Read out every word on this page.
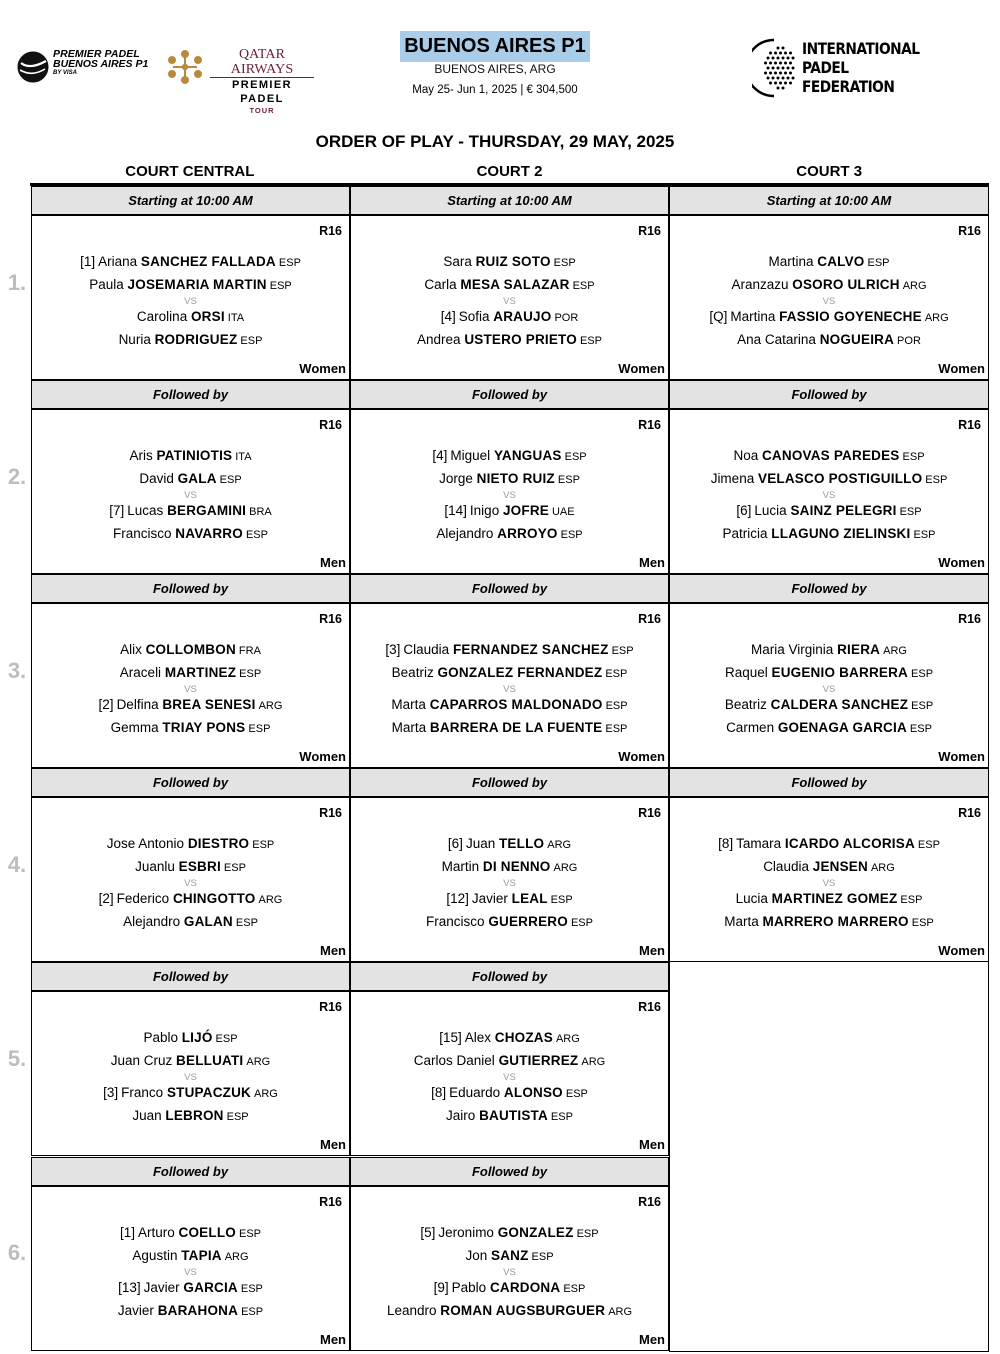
PREMIER PADEL
BUENOS AIRES P1
BY VISA
QATAR AIRWAYS
PREMIER PADEL
TOUR
BUENOS AIRES P1
BUENOS AIRES, ARG
May 25- Jun 1, 2025 | € 304,500
INTERNATIONAL
PADEL
FEDERATION
ORDER OF PLAY - THURSDAY, 29 MAY, 2025
COURT CENTRAL	COURT 2	COURT 3
1.
2.
3.
4.
5.
6.
Starting at 10:00 AM
R16
[1] Ariana SANCHEZ FALLADA ESP
Paula JOSEMARIA MARTIN ESP
VS
Carolina ORSI ITA
Nuria RODRIGUEZ ESP
Women
Starting at 10:00 AM
R16
Sara RUIZ SOTO ESP
Carla MESA SALAZAR ESP
VS
[4] Sofia ARAUJO POR
Andrea USTERO PRIETO ESP
Women
Starting at 10:00 AM
R16
Martina CALVO ESP
Aranzazu OSORO ULRICH ARG
VS
[Q] Martina FASSIO GOYENECHE ARG
Ana Catarina NOGUEIRA POR
Women
Followed by
R16
Aris PATINIOTIS ITA
David GALA ESP
VS
[7] Lucas BERGAMINI BRA
Francisco NAVARRO ESP
Men
Followed by
R16
[4] Miguel YANGUAS ESP
Jorge NIETO RUIZ ESP
VS
[14] Inigo JOFRE UAE
Alejandro ARROYO ESP
Men
Followed by
R16
Noa CANOVAS PAREDES ESP
Jimena VELASCO POSTIGUILLO ESP
VS
[6] Lucia SAINZ PELEGRI ESP
Patricia LLAGUNO ZIELINSKI ESP
Women
Followed by
R16
Alix COLLOMBON FRA
Araceli MARTINEZ ESP
VS
[2] Delfina BREA SENESI ARG
Gemma TRIAY PONS ESP
Women
Followed by
R16
[3] Claudia FERNANDEZ SANCHEZ ESP
Beatriz GONZALEZ FERNANDEZ ESP
VS
Marta CAPARROS MALDONADO ESP
Marta BARRERA DE LA FUENTE ESP
Women
Followed by
R16
Maria Virginia RIERA ARG
Raquel EUGENIO BARRERA ESP
VS
Beatriz CALDERA SANCHEZ ESP
Carmen GOENAGA GARCIA ESP
Women
Followed by
R16
Jose Antonio DIESTRO ESP
Juanlu ESBRI ESP
VS
[2] Federico CHINGOTTO ARG
Alejandro GALAN ESP
Men
Followed by
R16
[6] Juan TELLO ARG
Martin DI NENNO ARG
VS
[12] Javier LEAL ESP
Francisco GUERRERO ESP
Men
Followed by
R16
[8] Tamara ICARDO ALCORISA ESP
Claudia JENSEN ARG
VS
Lucia MARTINEZ GOMEZ ESP
Marta MARRERO MARRERO ESP
Women
Followed by
R16
Pablo LIJÓ ESP
Juan Cruz BELLUATI ARG
VS
[3] Franco STUPACZUK ARG
Juan LEBRON ESP
Men
Followed by
R16
[15] Alex CHOZAS ARG
Carlos Daniel GUTIERREZ ARG
VS
[8] Eduardo ALONSO ESP
Jairo BAUTISTA ESP
Men
Followed by
R16
[1] Arturo COELLO ESP
Agustin TAPIA ARG
VS
[13] Javier GARCIA ESP
Javier BARAHONA ESP
Men
Followed by
R16
[5] Jeronimo GONZALEZ ESP
Jon SANZ ESP
VS
[9] Pablo CARDONA ESP
Leandro ROMAN AUGSBURGUER ARG
Men
